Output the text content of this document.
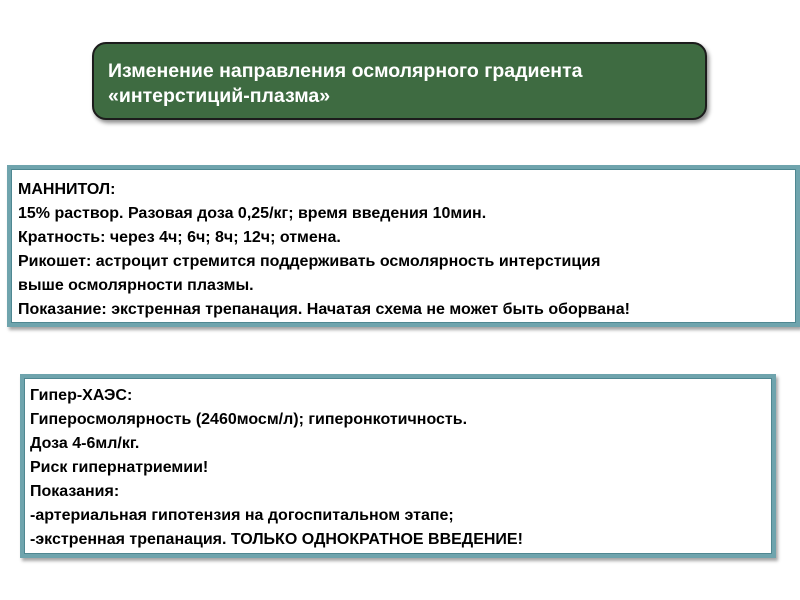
Изменение направления осмолярного градиента
«интерстиций-плазма»
МАННИТОЛ:
15% раствор. Разовая доза 0,25/кг; время введения 10мин.
Кратность: через 4ч; 6ч; 8ч; 12ч; отмена.
Рикошет: астроцит стремится поддерживать осмолярность интерстиция
выше осмолярности плазмы.
Показание: экстренная трепанация. Начатая схема не может быть оборвана!
Гипер-ХАЭС:
Гиперосмолярность (2460мосм/л); гиперонкотичность.
Доза 4-6мл/кг.
Риск гипернатриемии!
Показания:
-артериальная гипотензия на догоспитальном этапе;
-экстренная трепанация. ТОЛЬКО ОДНОКРАТНОЕ ВВЕДЕНИЕ!
